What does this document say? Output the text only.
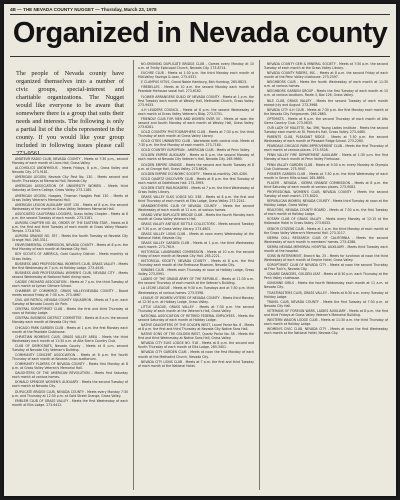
4B — THE NEVADA COUNTY NUGGET — Thursday, March 23, 1978
Organized in Nevada county
The people of Nevada county have organized themselves into a number of civic groups, special-interest and charitable organizations. The Nugget would like everyone to be aware that somewhere there is a group that suits their needs and interests. The following is only a partial list of the clubs represented in the county. If you would like your group included in following issues please call 273-9561.

AMATEUR RADIO CLUB, NEVADA COUNTY - Meets at 7:30 p.m., second Monday of each month at Lions Hall, Grass Valley.

ALCOHOLICS ANONYMOUS - Meets Fridays, 8 p.m., Grass Valley and Nevada City. 273-9181.

AMERICAN LEGION, Nevada City Post No. 130 - Meets second and fourth Thursdays at Memorial Hall, Nevada City.

AMERICAN ASSOCIATION OF UNIVERSITY WOMEN - Meets third Saturday at Sierra College, Grass Valley. 273-1180.

AMERICAN LEGION, Hoagies, Tinsman Hoagies Post 130 - Meets at Grass Valley Veteran's Memorial Hall.

AMERICAN LEGION AUXILIARY UNIT 130 - Meets at 8 p.m. the second Wednesday of the month at Grass Valley Veterans Memorial Hall.

ASSOCIATED CALIFORNIA LOGGERS, Grass Valley Chapter - Meets at 8 p.m. the second Tuesday of each month. 273-3161.

AURORA CHAPTER NO. 80, ORDER OF THE EASTERN STAR - Meets at 8 p.m. the first and third Tuesday of each month at Grass Valley Masonic Temple. 273-8745.

AURORA GRANGE NO. 557 - Meets the fourth Tuesday at Nevada City Grange Hall. 265-3311.

ENVIRONMENTAL COMMISSION, NEVADA COUNTY - Meets at 8 p.m. the first Monday of each month at Nevada City Hall.

BOY SCOUTS OF AMERICA, Gold Country District - Meets monthly at Grass Valley.

BUSINESS AND PROFESSIONAL WOMEN'S CLUB, GRASS VALLEY - Meets the first Wednesday at 7 p.m. at Holiday Lodge. 273-4416.

BUSINESS AND PROFESSIONAL WOMEN'S CLUB, NEVADA CITY - Meets second Wednesday at National Hotel dining room.

CADDIE ORCHARD ASSOCIATION - Meets at 7 p.m. the third Tuesday of each month at Lyman Gilmore School.

CHAMBER OF COMMERCE, GRASS VALLEY-NEVADA COUNTY - Board meets second Friday at 7:30 a.m. 273-4667.

CIVIL AIR PATROL, NEVADA COUNTY SQUADRON - Meets at 7 p.m. each Tuesday at Nevada County Air Park.

CENTRAL SOROPTIMIST CLUB - Meets the first and third Thursday at noon at Holiday Lodge.

CENTRAL BUSINESS DISTRICT COMMITTEE - Meets at 8 a.m. the second Monday each month at Nevada City Hall.

CHICAGO PARK GARDEN CLUB - Meets at 1 p.m. the first Monday each month at the Peardale Clubhouse.

CHRISTIAN WOMEN'S CLUB, GRASS VALLEY AREA - Meets the third Wednesday each month at 11:30 a.m. at Alta Sierra Country Club.

CLUB OF DEMOCRATS, Nevada County - Meets at 8 p.m. second Tuesday at Nevada City Veteran's Building.

COMMUNITY CONCERT ASSOCIATION - Meets at 8 p.m. the fourth Thursday of each month at Nevada Union auditorium.

COMMUNITY PLAYERS OF NEVADA COUNTY - Meets first Monday at 8 p.m. at Grass Valley Veteran's Memorial Hall.

DAUGHTERS OF THE AMERICAN REVOLUTION - Meets first Saturday each month at various homes.

DONALD SPENCER WOMEN'S AUXILIARY - Meets the second Tuesday of each month at Nevada City.

DUPLICATE BRIDGE CLUB, NEVADA COUNTY - Meets every Monday 7:30 p.m. and Thursday at 12:30 p.m. at Gold Street Grange, Grass Valley.

EMBLEM CLUB OF GRASS VALLEY - Meets the first Wednesday of each month at Elks Lodge. 273-6412.

NO-SMOKING DUPLICATE BRIDGE CLUB - Games every Monday at 10 a.m. at Trinity Episcopal Church, Nevada City. 273-8714.

EUCHRE CLUB - Meets at 1:30 p.m. the third Monday each month at Mid-Valley Savings & Loan, 273-4331.

E CLAMPUS VITUS, Grand Noble Hamburg, Bah Humbug, 265-8823.

FIREBELLES - Meets at 10 a.m. the second Monday each month at Peardale firehouse social hall. 273-6182.

FLOWER ARRANGERS GUILD OF NEVADA COUNTY - Meets at 1 p.m. the first Tuesday each month at Wesley Hall, Methodist Church, Grass Valley. 273-9433.

4-H LEADERS COUNCIL - Meets at 8 p.m. the second Wednesday of each month at Grass Valley Veteran's Bldg. 273-5751.

FRIENDLY CLUB FOR MEN AND WOMEN OVER 50 - Meets at noon the second and fourth Monday of each month at Wesley Hall, Grass Valley. 273-6281.

GOLD COUNTRY PHOTOGRAPHERS CLUB - Meets at 7:30 p.m. the third Thursday of each month at Grass Valley Library.

GOLD CITIES UNWANTED CLUB - Worldwide birth control club. Meets at 7:30 p.m. the first Monday of each month. 273-7180.

GOLD COUNTRY EUROPEAN - AMERICAN CLUB - Meets at Penn Valley.

GOLDEN EMPIRE AUXILIARY - Meets at 8 p.m. the second Monday of each month at Nevada City Veteran's Hall, Nevada City. 265-9660.

GOLDEN EMPIRE GRANGE - Meets the second and fourth Tuesday at 8 p.m. at Grange Hall, Grass Valley. 273-6626.

GOLDEN EMPIRE ECONOMIC SOCIETY - Meets bi-monthly. 265-4280.

GOLD QUARTZ DISCOVERY CLUB - Meets at 8 p.m. the first Tuesday of each month at Oddfellows Hall. 273-3993.

GOLDEN STATE RAILROADERS - Meets at 7 p.m. the third Wednesday at Grass Valley Library.

GRASS VALLEY ELKS LODGE NO. 538 - Meets at 8 p.m. the first and third Thursday of each month at Elks Lodge, Grass Valley. 273-2241.

GRANDMOTHERS CLUB OF NEVADA COUNTY - Meets the second Wednesday of each month at 11 a.m. at various homes.

GRAND VIEW DUPLICATE BRIDGE CLUB - Meets the fourth Monday each month at Grass Valley Veteran's Hall.

GRASS VALLEY ANTIQUE BOTTLE COLLECTORS - Meets second Tuesday at 7:30 p.m. at Grass Valley Library. 273-4802.

GRASS VALLEY LIONS CLUB - Meets at noon every Wednesday at the National Hotel, Nevada City.

GRASS VALLEY GARDEN CLUB - Meets at 1 p.m. the third Wednesday each month. 273-7619.

HISTORICAL LANDMARKS COMMISSION - Meets at 10 a.m. the second Friday of each month at Nevada City Hall. 265-2221.

HISTORICAL SOCIETY, NEVADA COUNTY - Meets at 8 p.m. the first Thursday each month at the Firehouse Museum, Nevada City.

KIWANIS CLUB - Meets each Thursday at noon at Holiday Lodge, Grass Valley. 273-0991.

LADIES OF THE GRAND ARMY OF THE REPUBLIC - Meets at 11:30 a.m. the second Thursday of each month at the Veteran's Building.

LA LECHE LEAGUE - Meets at 9:30 a.m. Tuesdays and at 7:30 p.m. third Wednesdays at various homes. 273-5398.

LEAGUE OF WOMEN VOTERS OF NEVADA COUNTY - Meets third Monday at 12:30 p.m. at Holiday Lodge, Grass Valley.

LITTLE LEAGUE, GRASS VALLEY - Meets at 7:30 p.m. the second Thursday of each month at the Veteran's Hall, Grass Valley.

NATIONAL ASSOCIATION OF RETIRED FEDERAL EMPLOYEES - Meets the second Saturday of each month at Holiday Lodge.

NATIVE DAUGHTERS OF THE GOLDEN WEST, Laurel Parlor No. 6 - Meets at 8 p.m. the first and third Thursday at Nevada City Native Sons Hall.

NATIVE SONS OF THE GOLDEN WEST, Quartz Parlor No. 58 - Meets the first and third Wednesday at Native Sons Hall, Grass Valley.

NEVADA CITY ELKS LODGE NO. 518 - Meets at 8 p.m. the second and fourth Thursday of each month at Elks Lodge. 265-3401.

NEVADA CITY GARDEN CLUB - Meets at noon the first Monday of each month at the Methodist Church, Nevada City.

NEVADA CITY LIONS CLUB - Meets at 7 p.m. the first and third Tuesday of each month at the National Hotel.

NEVADA COUNTY GEM & MINERAL SOCIETY - Meets at 7:30 p.m. the second Tuesday of each month at the Grass Valley Library.

NEVADA COUNTY RIDERS, INC. - Meets at 8 p.m. the second Friday of each month at the Penn Valley clubhouse. 273-2397.

NEIGHBORS CLUB - Meets the fourth Wednesday of each month at 11:30 a.m. at various homes.

NEIGHBORS GARDEN GROUP - Meets the first Tuesday of each month at 10 a.m. at various locations. Route 3, Box 126, Grass Valley.

NILE CLUB, GRASS VALLEY - Meets the second Tuesday of each month except July and August. 273-3968.

NEVADA CITY 4-H CLUB - Meets at 7:30 p.m. the first Monday each month at the Nevada City Fairgrounds. 265-2883.

OPTIMISTS - Meets at 6 p.m. the second Thursday of each month at Alta Sierra Country Club. 273-0633.

OUR LADY OF MALETTE, No. 396, Young Ladies Institute - Meets the second Tuesday each month at St. Patrick's Hall, Grass Valley. 273-4460.

PARENTS CLUB, PLEASANT RIDGE - Meets at 7:30 p.m. the second Wednesday of each month at Pleasant Ridge School. 273-2260.

PEARDALE-CHICAGO PARK IMPROVEMENT CLUB - Meets the first Thursday of each month at various places. 273-5528.

PENN VALLEY FIRE DEPARTMENT AUXILIARY - Meets at 1:30 p.m. the first Monday of each month at Penn Valley Firehouse.

PENN VALLEY GARDEN CLUB - Meets at 9:30 a.m. every Monday at Olympia Club Clubhouse. 273-9047.

PIONEER GARDEN CLUB - Meets at 7:30 p.m. the third Wednesday of each month in Seven Hills school. 265-6695.

PLACER - NEVADA - SIERRA GRANGE COMMISSION - Meets at 8 p.m. the third Saturday of each month at various places. 273-9083.

PROFESSIONAL WOMEN'S CLUB, NEVADA COUNTY - Meets the second Tuesday of each month. 273-6420.

REPUBLICAN WOMEN, NEVADA COUNTY - Meets third Tuesday at noon at the Holiday Lodge, Grass Valley.

REALTORS, NEVADA COUNTY BOARD - Meets at 7:30 a.m. the first Tuesday of each month at Holiday Lodge.

ROTARY CLUB OF GRASS VALLEY - Meets every Monday at 12:15 at the Holbrooke Hotel in Grass Valley. 273-6433.

SENIOR CITIZENS CLUB - Meets at 1 p.m. the third Monday of each month at the Grass Valley Veteran's Memorial Hall. 273-3117.

SIERRA DOLL RESEARCH CLUB OF CALIFORNIA - Meets the second Wednesday of each month in members' homes. 273-4288.

SIERRA NEVADA MEMORIAL HOSPITAL AUXILIARY - Meets third Tuesday each month at the hospital.

SONS IN RETIREMENT, Branch No. 25 - Meets for luncheon at noon the third Wednesday of each month at Empire Hotel, Grass Valley.

SOROPTIMIST CLUB OF NEVADA CITY - Meets at noon the second Thursday at Friar Tuck's, Nevada City.

SQUARE DANCERS, GOLDEN LEAF - Meets at 8:30 p.m. each Thursday at the Penn Valley clubhouse.

SUNSHINE GIRLS - Meets the fourth Wednesday each month at 11 a.m. at Nevada City.

TOASTMASTERS CLUB, GRASS VALLEY - Meets at 6:30 a.m. every Tuesday at Holiday Lodge.

TRAVEL CLUB, NEVADA COUNTY - Meets the first Tuesday at 7:30 p.m. at Nevada City Hall.

VETERANS OF FOREIGN WARS, LADIES AUXILIARY - Meets at 8 p.m. the first and third Fridays at Grass Valley Veteran's Memorial Building.

WESTERN WAGON LODGE CLUB - Meets at 11:30 a.m. the third Thursday of each month at Holiday Lodge.

WOMEN'S CIVIC CLUB, NEVADA CITY - Meets at noon the first Wednesday each month at the National Hotel, Nevada City.
